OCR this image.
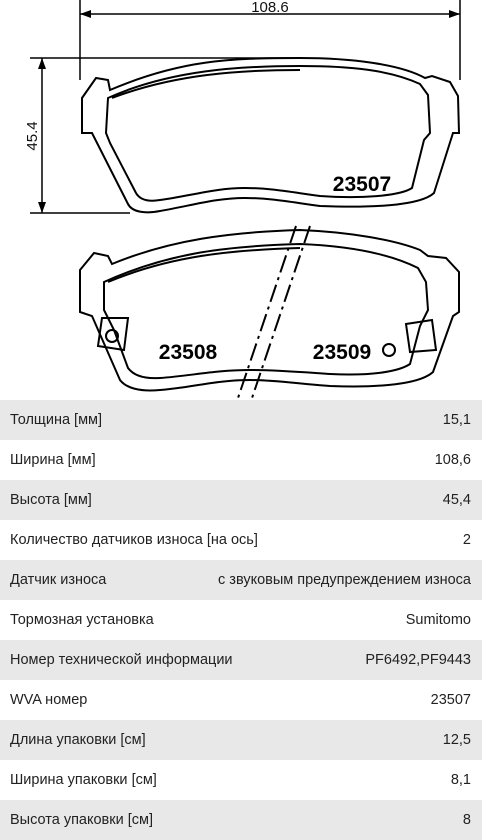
108.6
45.4
23507
23508	23509
Толщина [мм]	15,1
Ширина [мм]	108,6
Высота [мм]	45,4
Количество датчиков износа [на ось]	2
Датчик износа	с звуковым предупреждением износа
Тормозная установка	Sumitomo
Номер технической информации	PF6492,PF9443
WVA номер	23507
Длина упаковки [см]	12,5
Ширина упаковки [см]	8,1
Высота упаковки [см]	8
